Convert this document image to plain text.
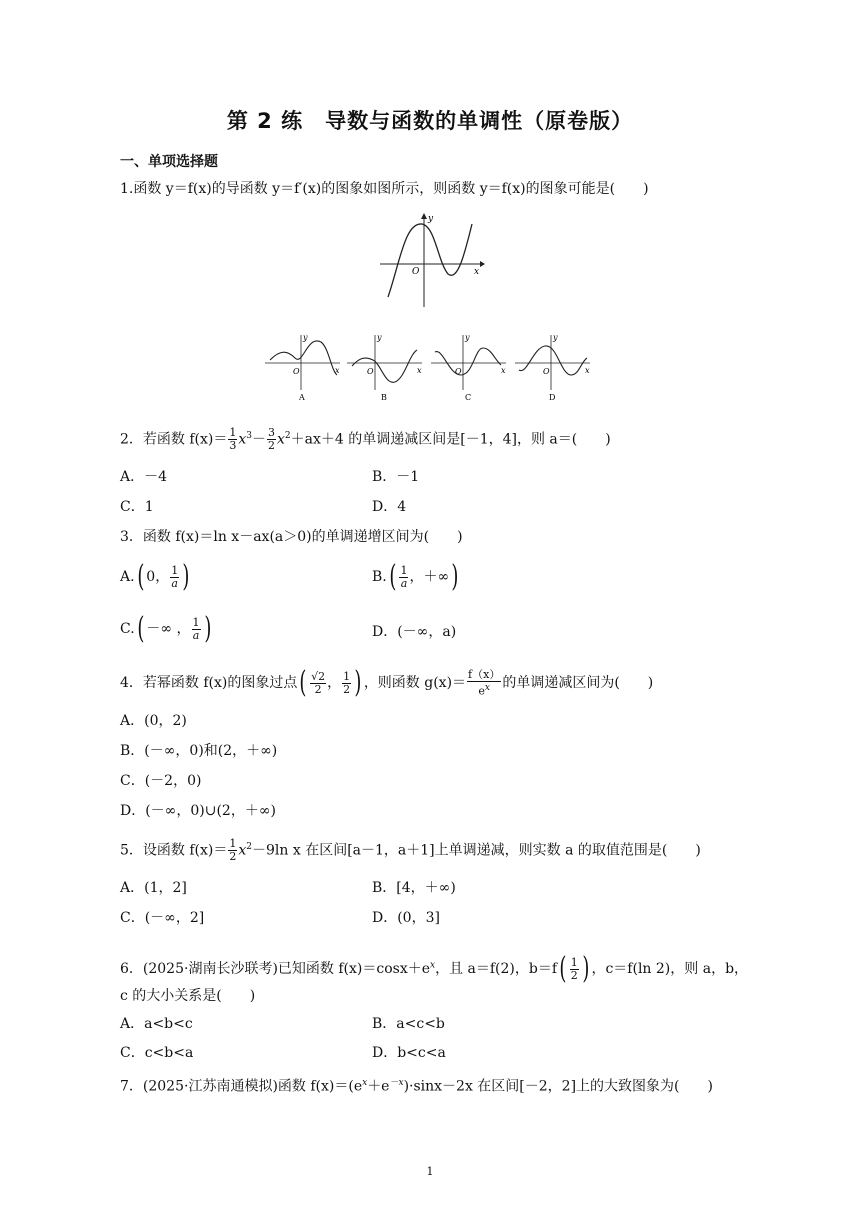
第 2 练　导数与函数的单调性（原卷版）
一、单项选择题
1.函数 y＝f(x)的导函数 y＝f′(x)的图象如图所示，则函数 y＝f(x)的图象可能是(　　)
y
x
O
y
x
O
A
y
x
O
B
y
x
O
C
y
x
O
D
2．若函数 $f(x)= \frac{1}{3} x^3- \frac{3}{2} x^2+ax+4$ 的单调递减区间是[－1，4]，则 a＝(　　)
A．－4	B．－1
C．1	D．4
3．函数 f(x)＝ln x－ax(a＞0)的单调递增区间为(　　)
A.( 0， $\frac{1}{a}$ )	$B.( \frac{1}{a}$ ，＋∞)
C.( －∞ ， $\frac{1}{a}$ )	D．(－∞，a)
4．若幂函数 f(x)的图象过点( $\frac{√2}{2}$ ， $\frac{1}{2}$ ) ，则函数 $g(x)= \frac{f(x)}{e^x}$ 的单调递减区间为(　　)
A．(0，2)
B．(－∞，0)和(2，＋∞)
C．(－2，0)
D．(－∞，0)∪(2，＋∞)
5．设函数 $f(x)= \frac{1}{2} x^2-9\ln$ x 在区间[a－1，a＋1]上单调递减，则实数 a 的取值范围是(　　)
A．(1，2]	B．[4，＋∞)
C．(－∞，2]	D．(0，3]
6．(2025·湖南长沙联考)已知函数 $f(x)=\cos x+e^x$，且 a＝f(2)，$b=f( \frac{1}{2}$ ) ，c＝f(ln 2)，则 a，b，
c 的大小关系是(　　)
A．a<b<c	B．a<c<b
C．c<b<a	D．b<c<a
7．(2025·江苏南通模拟)函数 $f(x)=(e^x+e^{-x})\cdot\sin x-2x$ 在区间[－2，2]上的大致图象为(　　)
1
